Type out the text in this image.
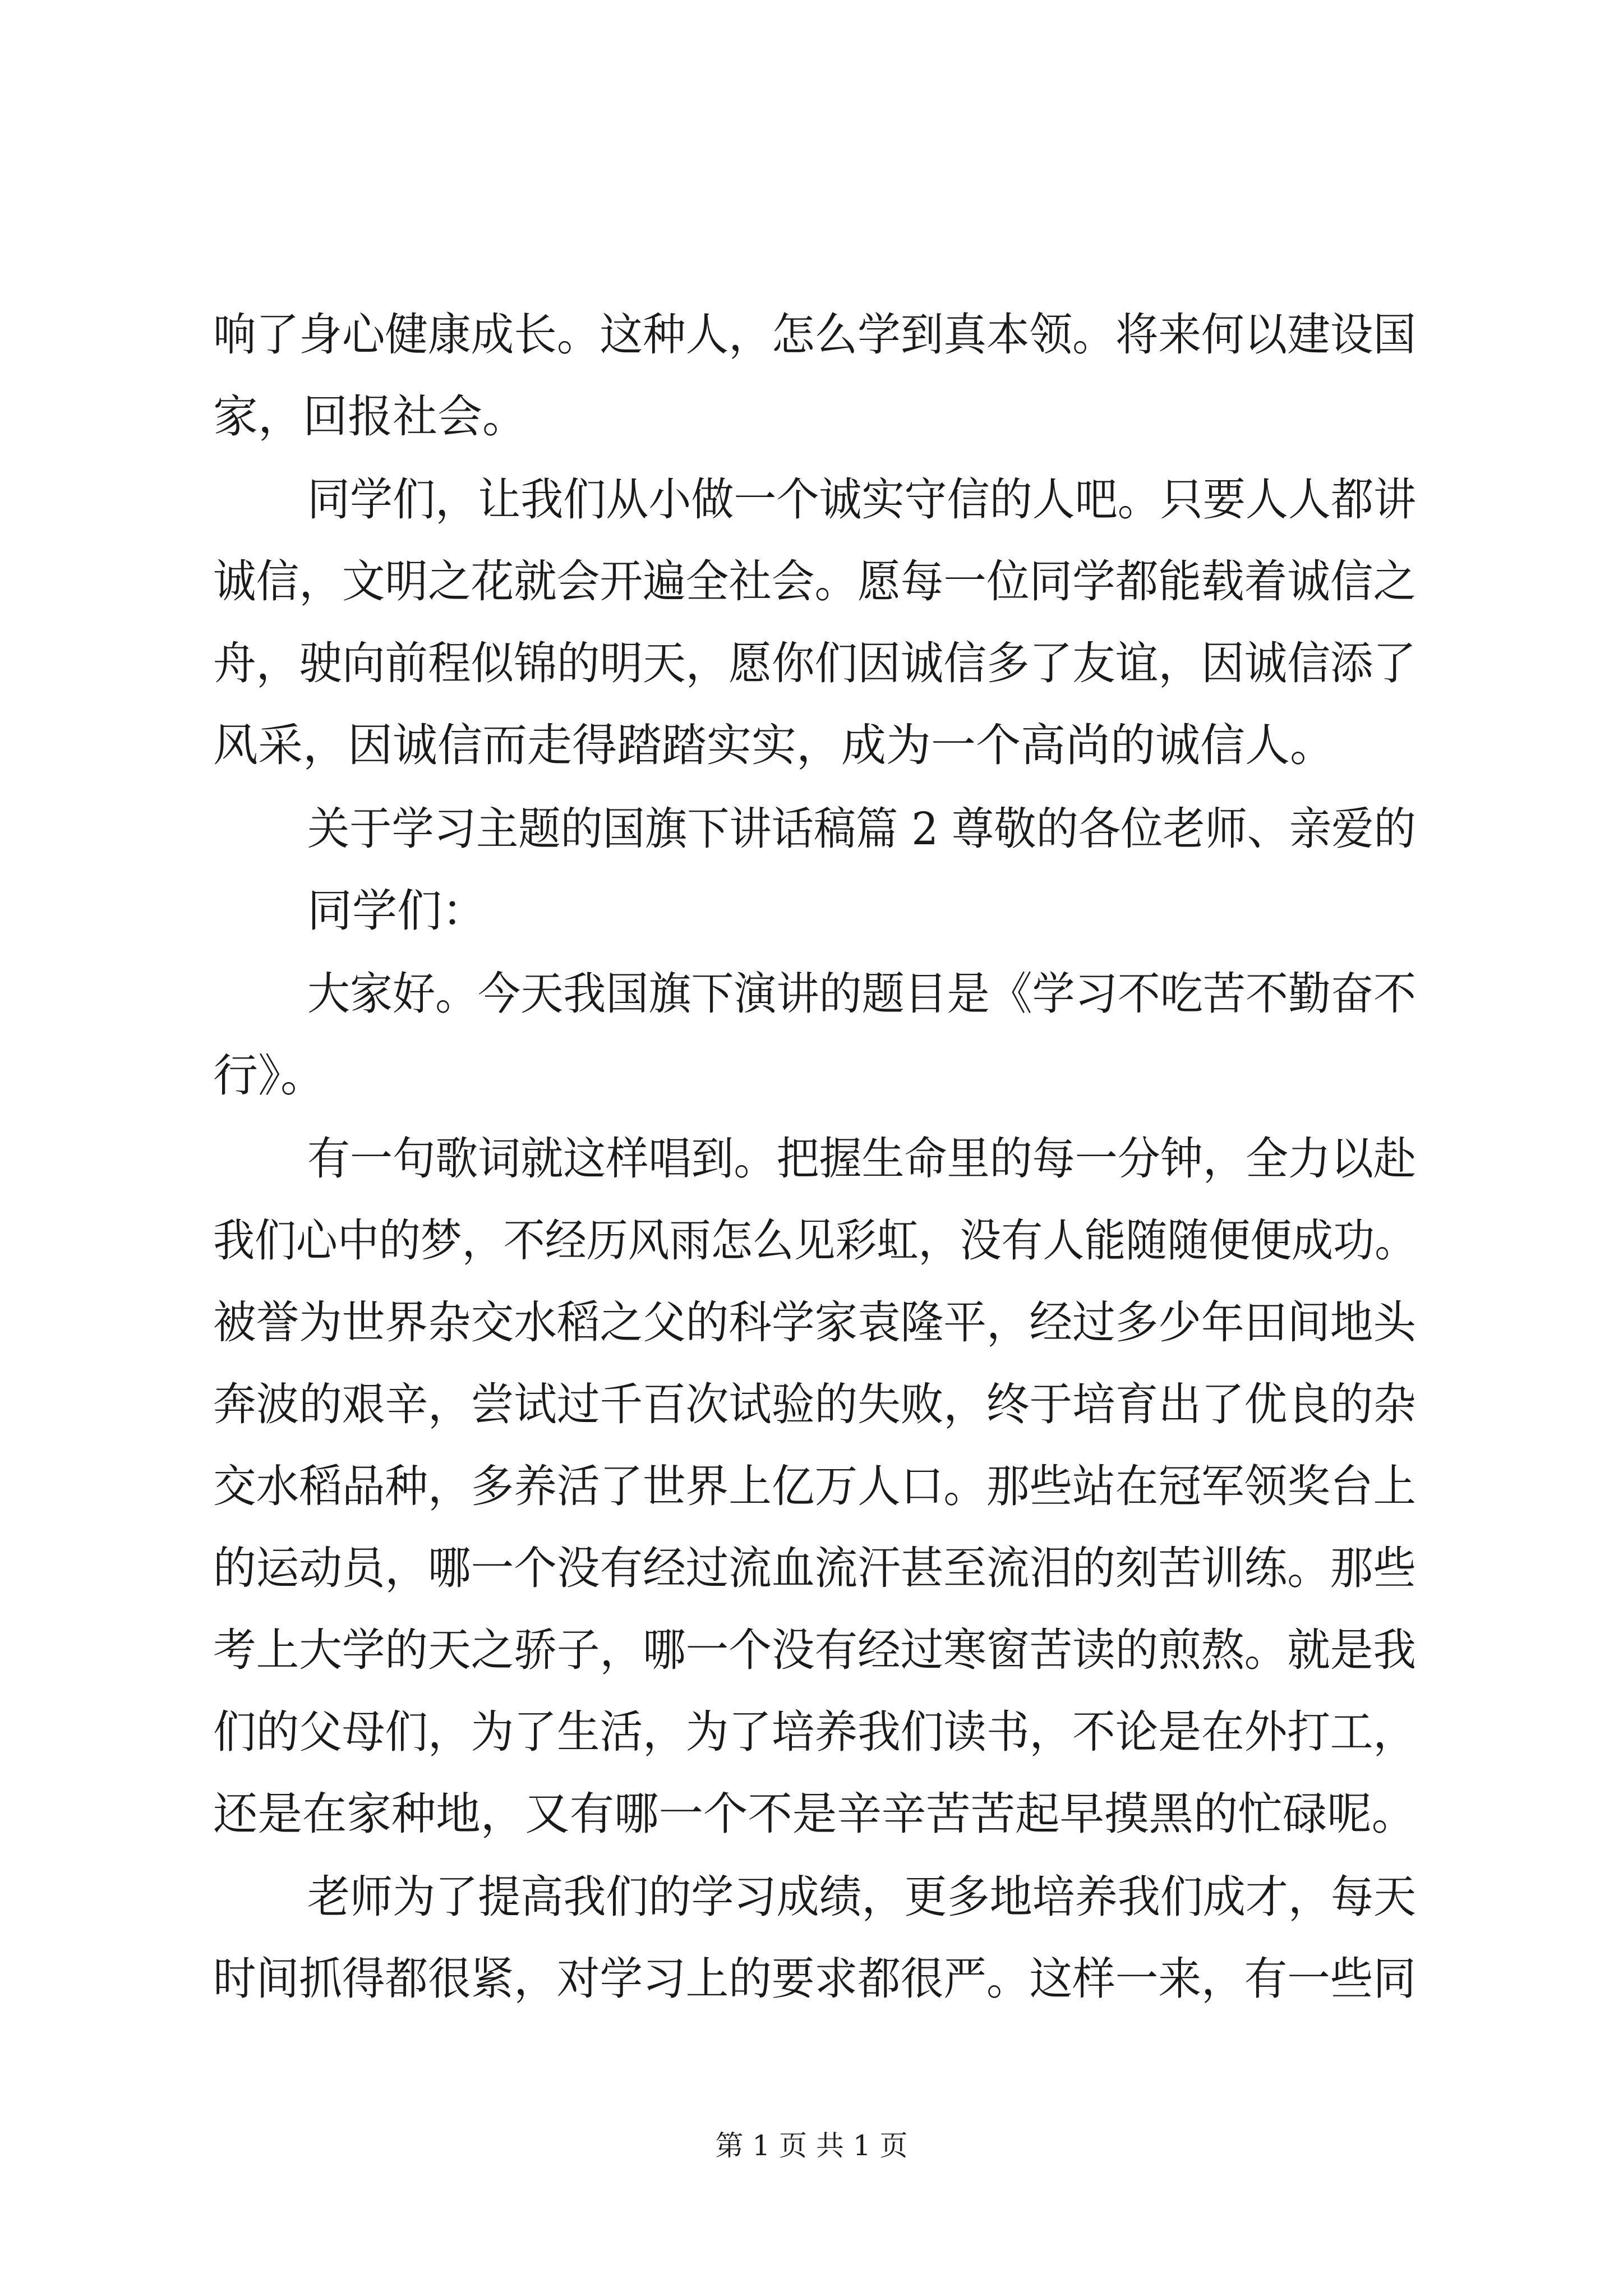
响了身心健康成长。这种人，怎么学到真本领。将来何以建设国
家，回报社会。
同学们，让我们从小做一个诚实守信的人吧。只要人人都讲
诚信，文明之花就会开遍全社会。愿每一位同学都能载着诚信之
舟，驶向前程似锦的明天，愿你们因诚信多了友谊，因诚信添了
风采，因诚信而走得踏踏实实，成为一个高尚的诚信人。
关于学习主题的国旗下讲话稿篇 2 尊敬的各位老师、亲爱的
同学们：
大家好。今天我国旗下演讲的题目是《学习不吃苦不勤奋不
行》。
有一句歌词就这样唱到。把握生命里的每一分钟，全力以赴
我们心中的梦，不经历风雨怎么见彩虹，没有人能随随便便成功。
被誉为世界杂交水稻之父的科学家袁隆平，经过多少年田间地头
奔波的艰辛，尝试过千百次试验的失败，终于培育出了优良的杂
交水稻品种，多养活了世界上亿万人口。那些站在冠军领奖台上
的运动员，哪一个没有经过流血流汗甚至流泪的刻苦训练。那些
考上大学的天之骄子，哪一个没有经过寒窗苦读的煎熬。就是我
们的父母们，为了生活，为了培养我们读书，不论是在外打工，
还是在家种地，又有哪一个不是辛辛苦苦起早摸黑的忙碌呢。
老师为了提高我们的学习成绩，更多地培养我们成才，每天
时间抓得都很紧，对学习上的要求都很严。这样一来，有一些同
第 1 页 共 1 页
